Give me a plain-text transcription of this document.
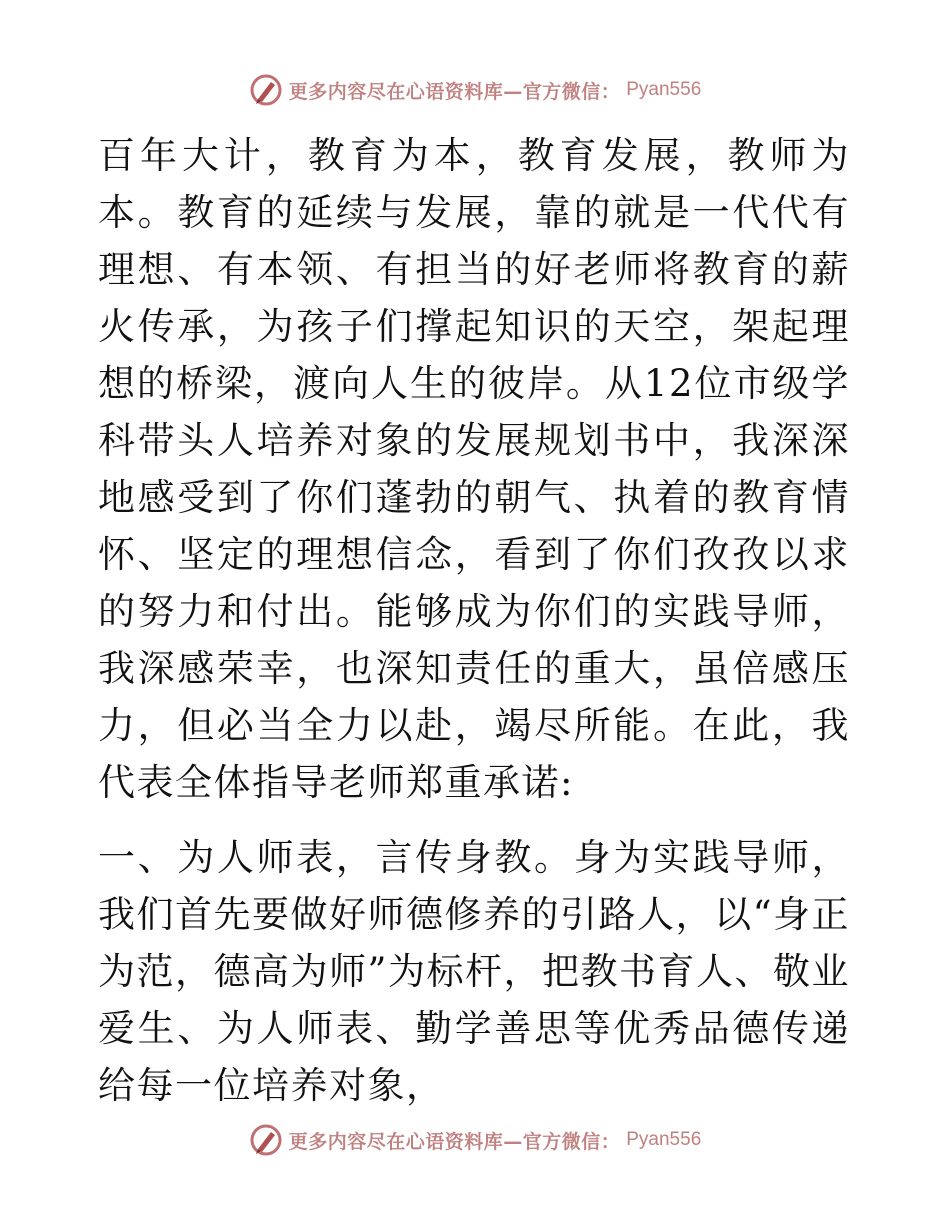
更多内容尽在心语资料库—官方微信： Pyan556

百年大计，教育为本，教育发展，教师为本。教育的延续与发展，靠的就是一代代有理想、有本领、有担当的好老师将教育的薪火传承，为孩子们撑起知识的天空，架起理想的桥梁，渡向人生的彼岸。从12位市级学科带头人培养对象的发展规划书中，我深深地感受到了你们蓬勃的朝气、执着的教育情怀、坚定的理想信念，看到了你们孜孜以求的努力和付出。能够成为你们的实践导师，我深感荣幸，也深知责任的重大，虽倍感压力，但必当全力以赴，竭尽所能。在此，我代表全体指导老师郑重承诺:

一、为人师表，言传身教。身为实践导师，我们首先要做好师德修养的引路人，以“身正为范，德高为师”为标杆，把教书育人、敬业爱生、为人师表、勤学善思等优秀品德传递给每一位培养对象，

更多内容尽在心语资料库—官方微信： Pyan556
